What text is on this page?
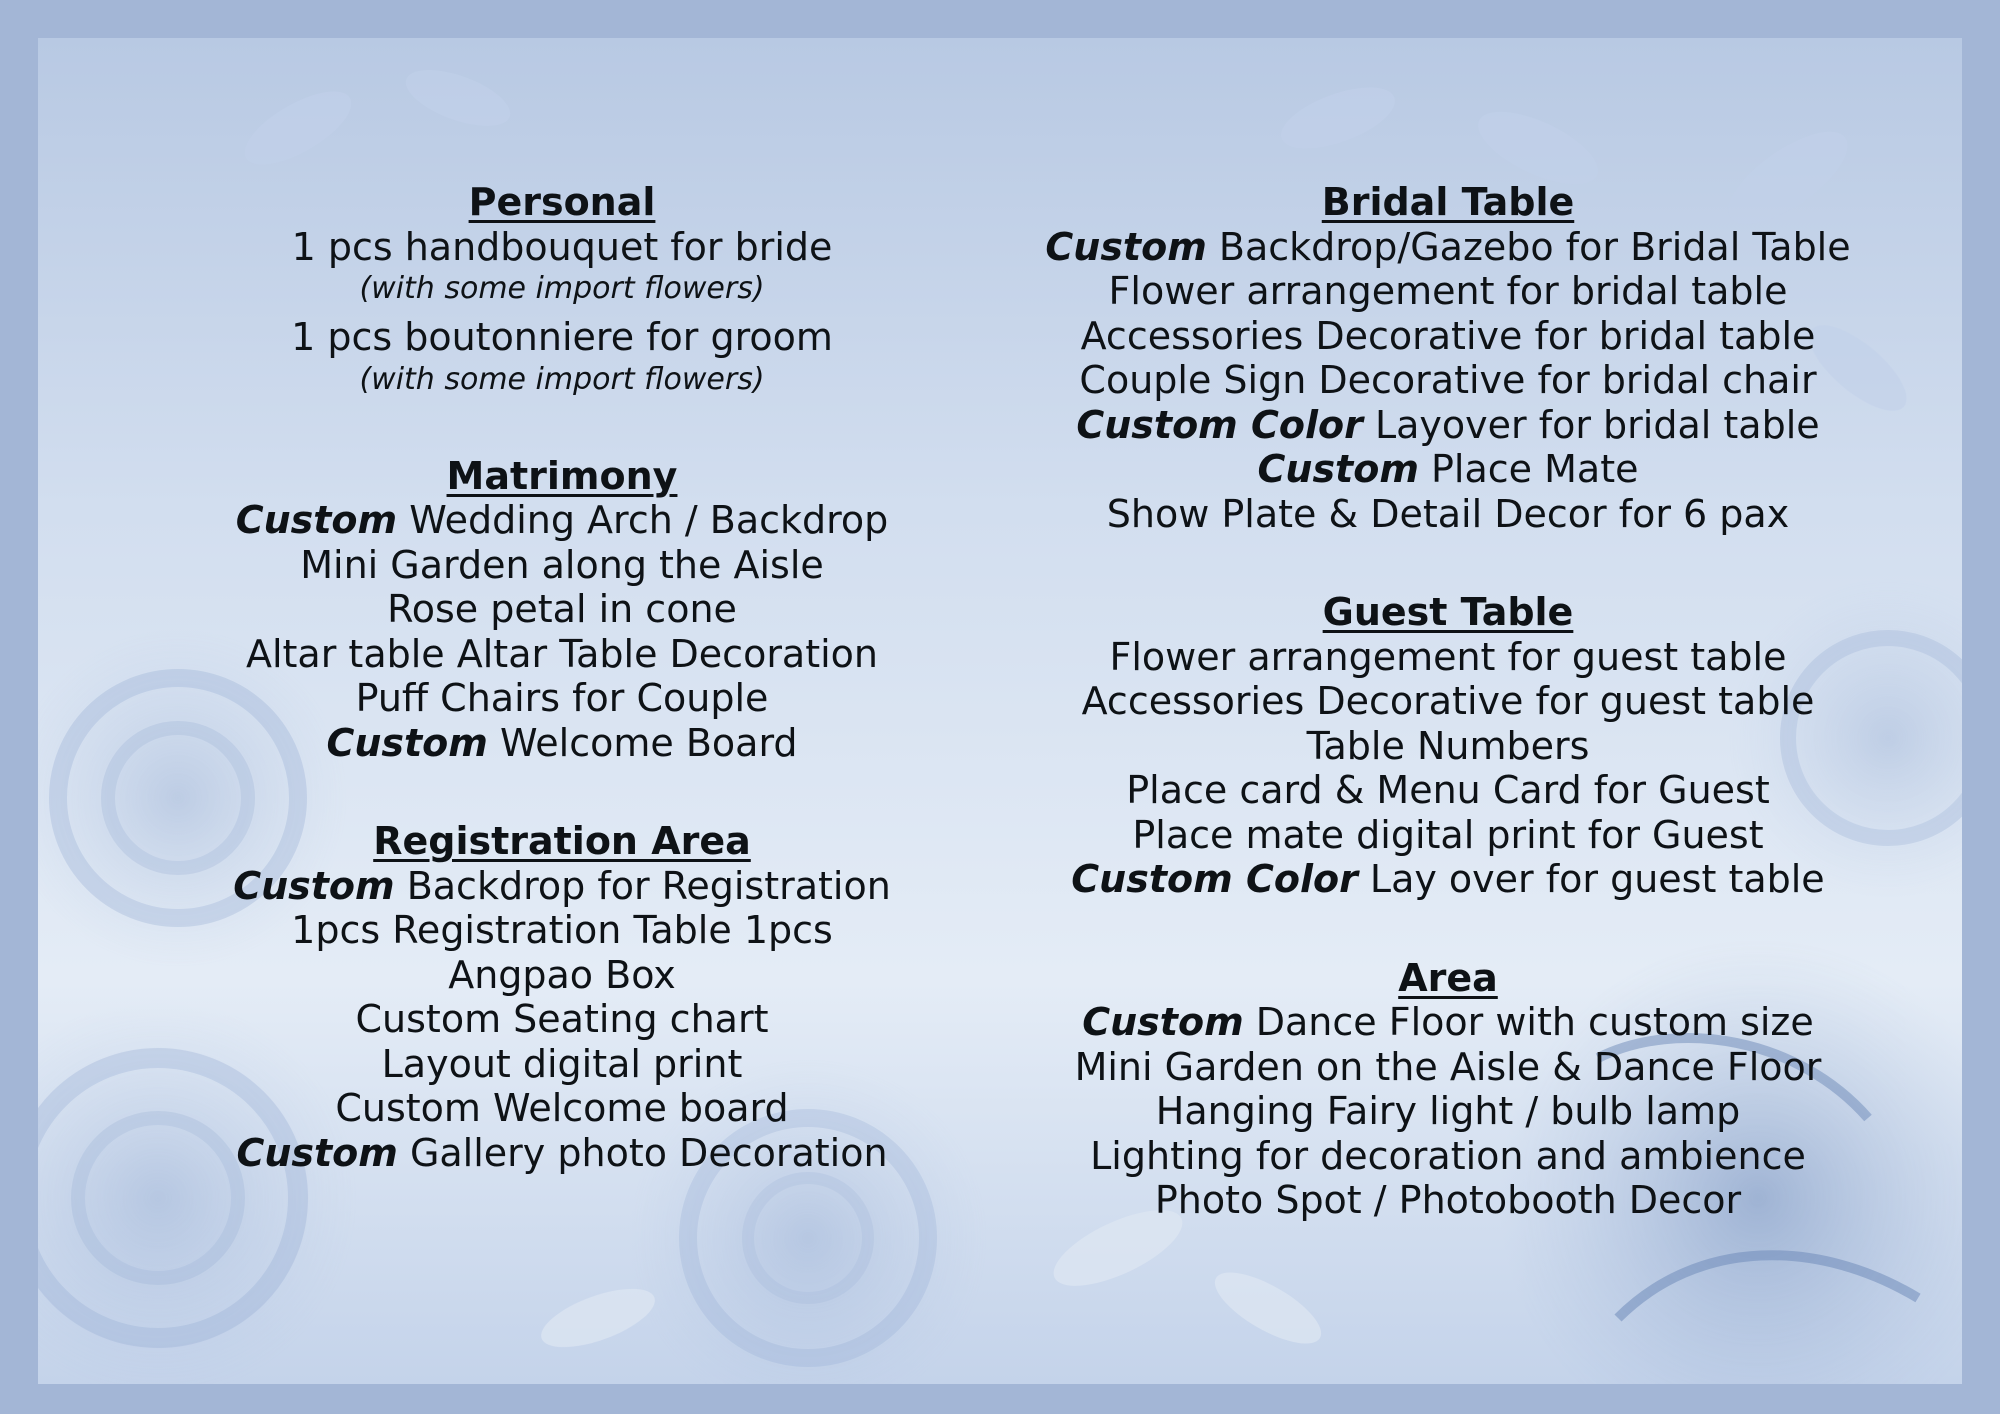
Personal
1 pcs handbouquet for bride
(with some import flowers)
1 pcs boutonniere for groom
(with some import flowers)
Matrimony
Custom Wedding Arch / Backdrop
Mini Garden along the Aisle
Rose petal in cone
Altar table Altar Table Decoration
Puff Chairs for Couple
Custom Welcome Board
Registration Area
Custom Backdrop for Registration
1pcs Registration Table 1pcs
Angpao Box
Custom Seating chart
Layout digital print
Custom Welcome board
Custom Gallery photo Decoration
Bridal Table
Custom Backdrop/Gazebo for Bridal Table
Flower arrangement for bridal table
Accessories Decorative for bridal table
Couple Sign Decorative for bridal chair
Custom Color Layover for bridal table
Custom Place Mate
Show Plate & Detail Decor for 6 pax
Guest Table
Flower arrangement for guest table
Accessories Decorative for guest table
Table Numbers
Place card & Menu Card for Guest
Place mate digital print for Guest
Custom Color Lay over for guest table
Area
Custom Dance Floor with custom size
Mini Garden on the Aisle & Dance Floor
Hanging Fairy light / bulb lamp
Lighting for decoration and ambience
Photo Spot / Photobooth Decor
